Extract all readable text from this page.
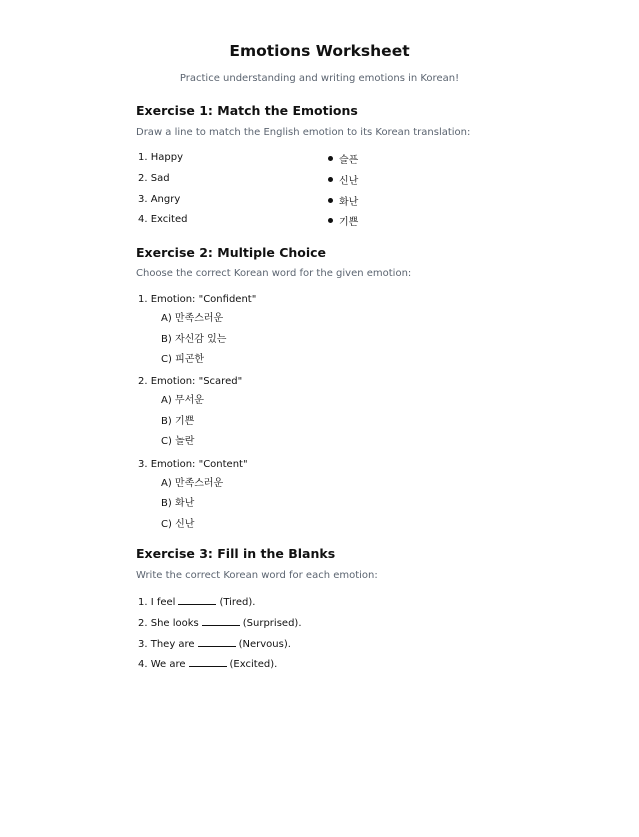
Emotions Worksheet
Practice understanding and writing emotions in Korean!
Exercise 1: Match the Emotions
Draw a line to match the English emotion to its Korean translation:
1. Happy
2. Sad
3. Angry
4. Excited
슬픈
신난
화난
기쁜
Exercise 2: Multiple Choice
Choose the correct Korean word for the given emotion:
1. Emotion: "Confident"
A) 만족스러운
B) 자신감 있는
C) 피곤한
2. Emotion: "Scared"
A) 무서운
B) 기쁜
C) 놀란
3. Emotion: "Content"
A) 만족스러운
B) 화난
C) 신난
Exercise 3: Fill in the Blanks
Write the correct Korean word for each emotion:
1. I feel	(Tired).
2. She looks	(Surprised).
3. They are	(Nervous).
4. We are	(Excited).
